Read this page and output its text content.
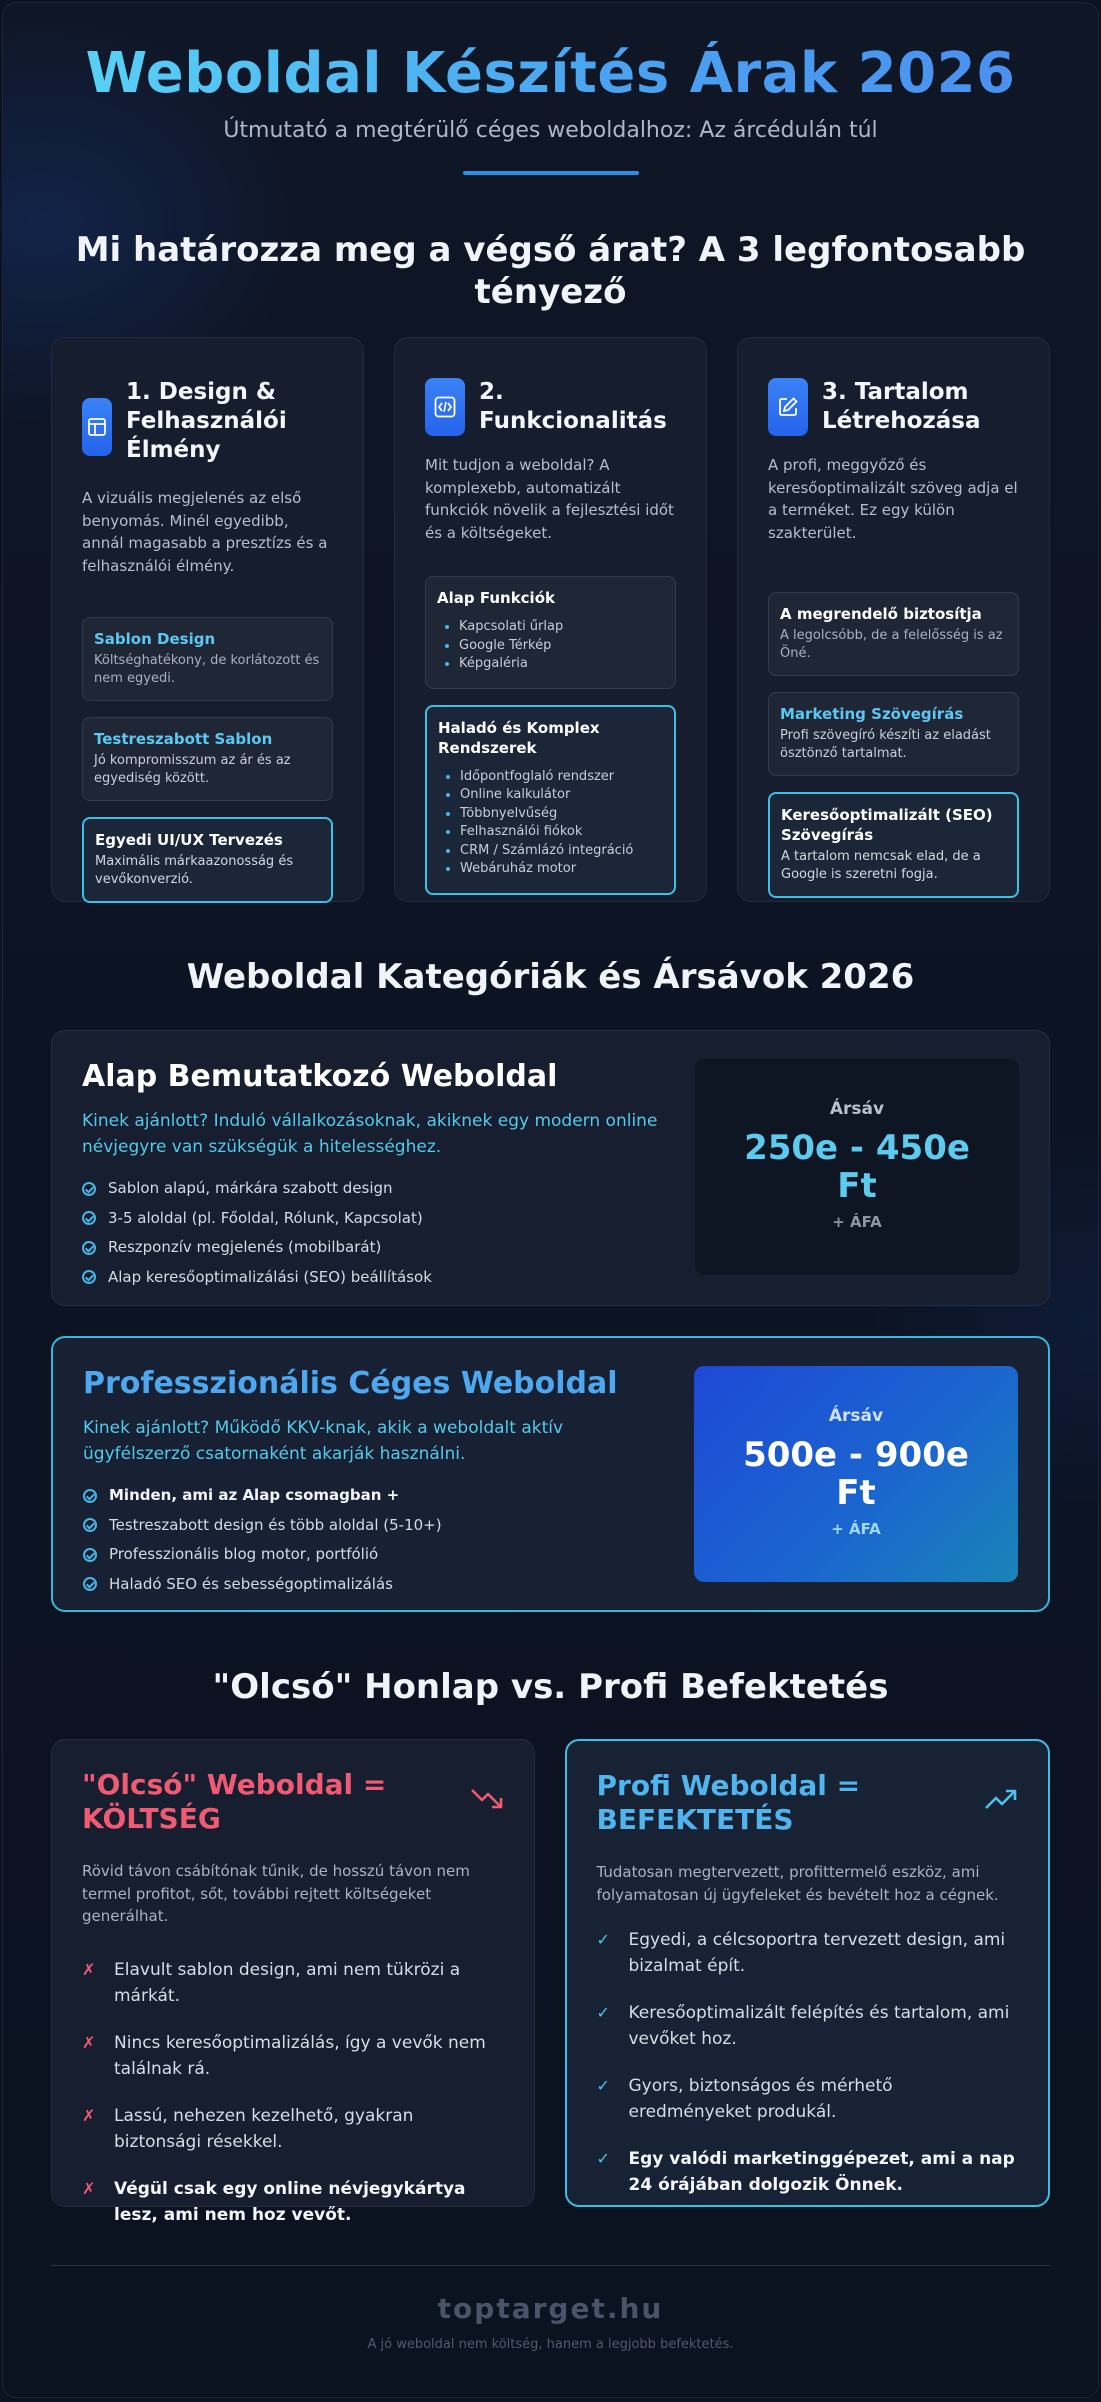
Weboldal Készítés Árak 2026
Útmutató a megtérülő céges weboldalhoz: Az árcédulán túl
Mi határozza meg a végső árat? A 3 legfontosabb tényező
1. Design & Felhasználói Élmény
A vizuális megjelenés az első benyomás. Minél egyedibb, annál magasabb a presztízs és a felhasználói élmény.
Sablon Design
Költséghatékony, de korlátozott és nem egyedi.
Testreszabott Sablon
Jó kompromisszum az ár és az egyediség között.
Egyedi UI/UX Tervezés
Maximális márkaazonosság és vevőkonverzió.
2. Funkcionalitás
Mit tudjon a weboldal? A komplexebb, automatizált funkciók növelik a fejlesztési időt és a költségeket.
Alap Funkciók
• Kapcsolati űrlap
• Google Térkép
• Képgaléria
Haladó és Komplex Rendszerek
• Időpontfoglaló rendszer
• Online kalkulátor
• Többnyelvűség
• Felhasználói fiókok
• CRM / Számlázó integráció
• Webáruház motor
3. Tartalom Létrehozása
A profi, meggyőző és keresőoptimalizált szöveg adja el a terméket. Ez egy külön szakterület.
A megrendelő biztosítja
A legolcsóbb, de a felelősség is az Öné.
Marketing Szövegírás
Profi szövegíró készíti az eladást ösztönző tartalmat.
Keresőoptimalizált (SEO) Szövegírás
A tartalom nemcsak elad, de a Google is szeretni fogja.
Weboldal Kategóriák és Ársávok 2026
Alap Bemutatkozó Weboldal
Kinek ajánlott? Induló vállalkozásoknak, akiknek egy modern online névjegyre van szükségük a hitelességhez.
Sablon alapú, márkára szabott design
3-5 aloldal (pl. Főoldal, Rólunk, Kapcsolat)
Reszponzív megjelenés (mobilbarát)
Alap keresőoptimalizálási (SEO) beállítások
Ársáv
250e - 450e Ft
+ ÁFA
Professzionális Céges Weboldal
Kinek ajánlott? Működő KKV-knak, akik a weboldalt aktív ügyfélszerző csatornaként akarják használni.
Minden, ami az Alap csomagban +
Testreszabott design és több aloldal (5-10+)
Professzionális blog motor, portfólió
Haladó SEO és sebességoptimalizálás
Ársáv
500e - 900e Ft
+ ÁFA
"Olcsó" Honlap vs. Profi Befektetés
"Olcsó" Weboldal = KÖLTSÉG
Rövid távon csábítónak tűnik, de hosszú távon nem termel profitot, sőt, további rejtett költségeket generálhat.
✗ Elavult sablon design, ami nem tükrözi a márkát.
✗ Nincs keresőoptimalizálás, így a vevők nem találnak rá.
✗ Lassú, nehezen kezelhető, gyakran biztonsági résekkel.
✗ Végül csak egy online névjegykártya lesz, ami nem hoz vevőt.
Profi Weboldal = BEFEKTETÉS
Tudatosan megtervezett, profittermelő eszköz, ami folyamatosan új ügyfeleket és bevételt hoz a cégnek.
✓ Egyedi, a célcsoportra tervezett design, ami bizalmat épít.
✓ Keresőoptimalizált felépítés és tartalom, ami vevőket hoz.
✓ Gyors, biztonságos és mérhető eredményeket produkál.
✓ Egy valódi marketinggépezet, ami a nap 24 órájában dolgozik Önnek.
toptarget.hu
A jó weboldal nem költség, hanem a legjobb befektetés.
